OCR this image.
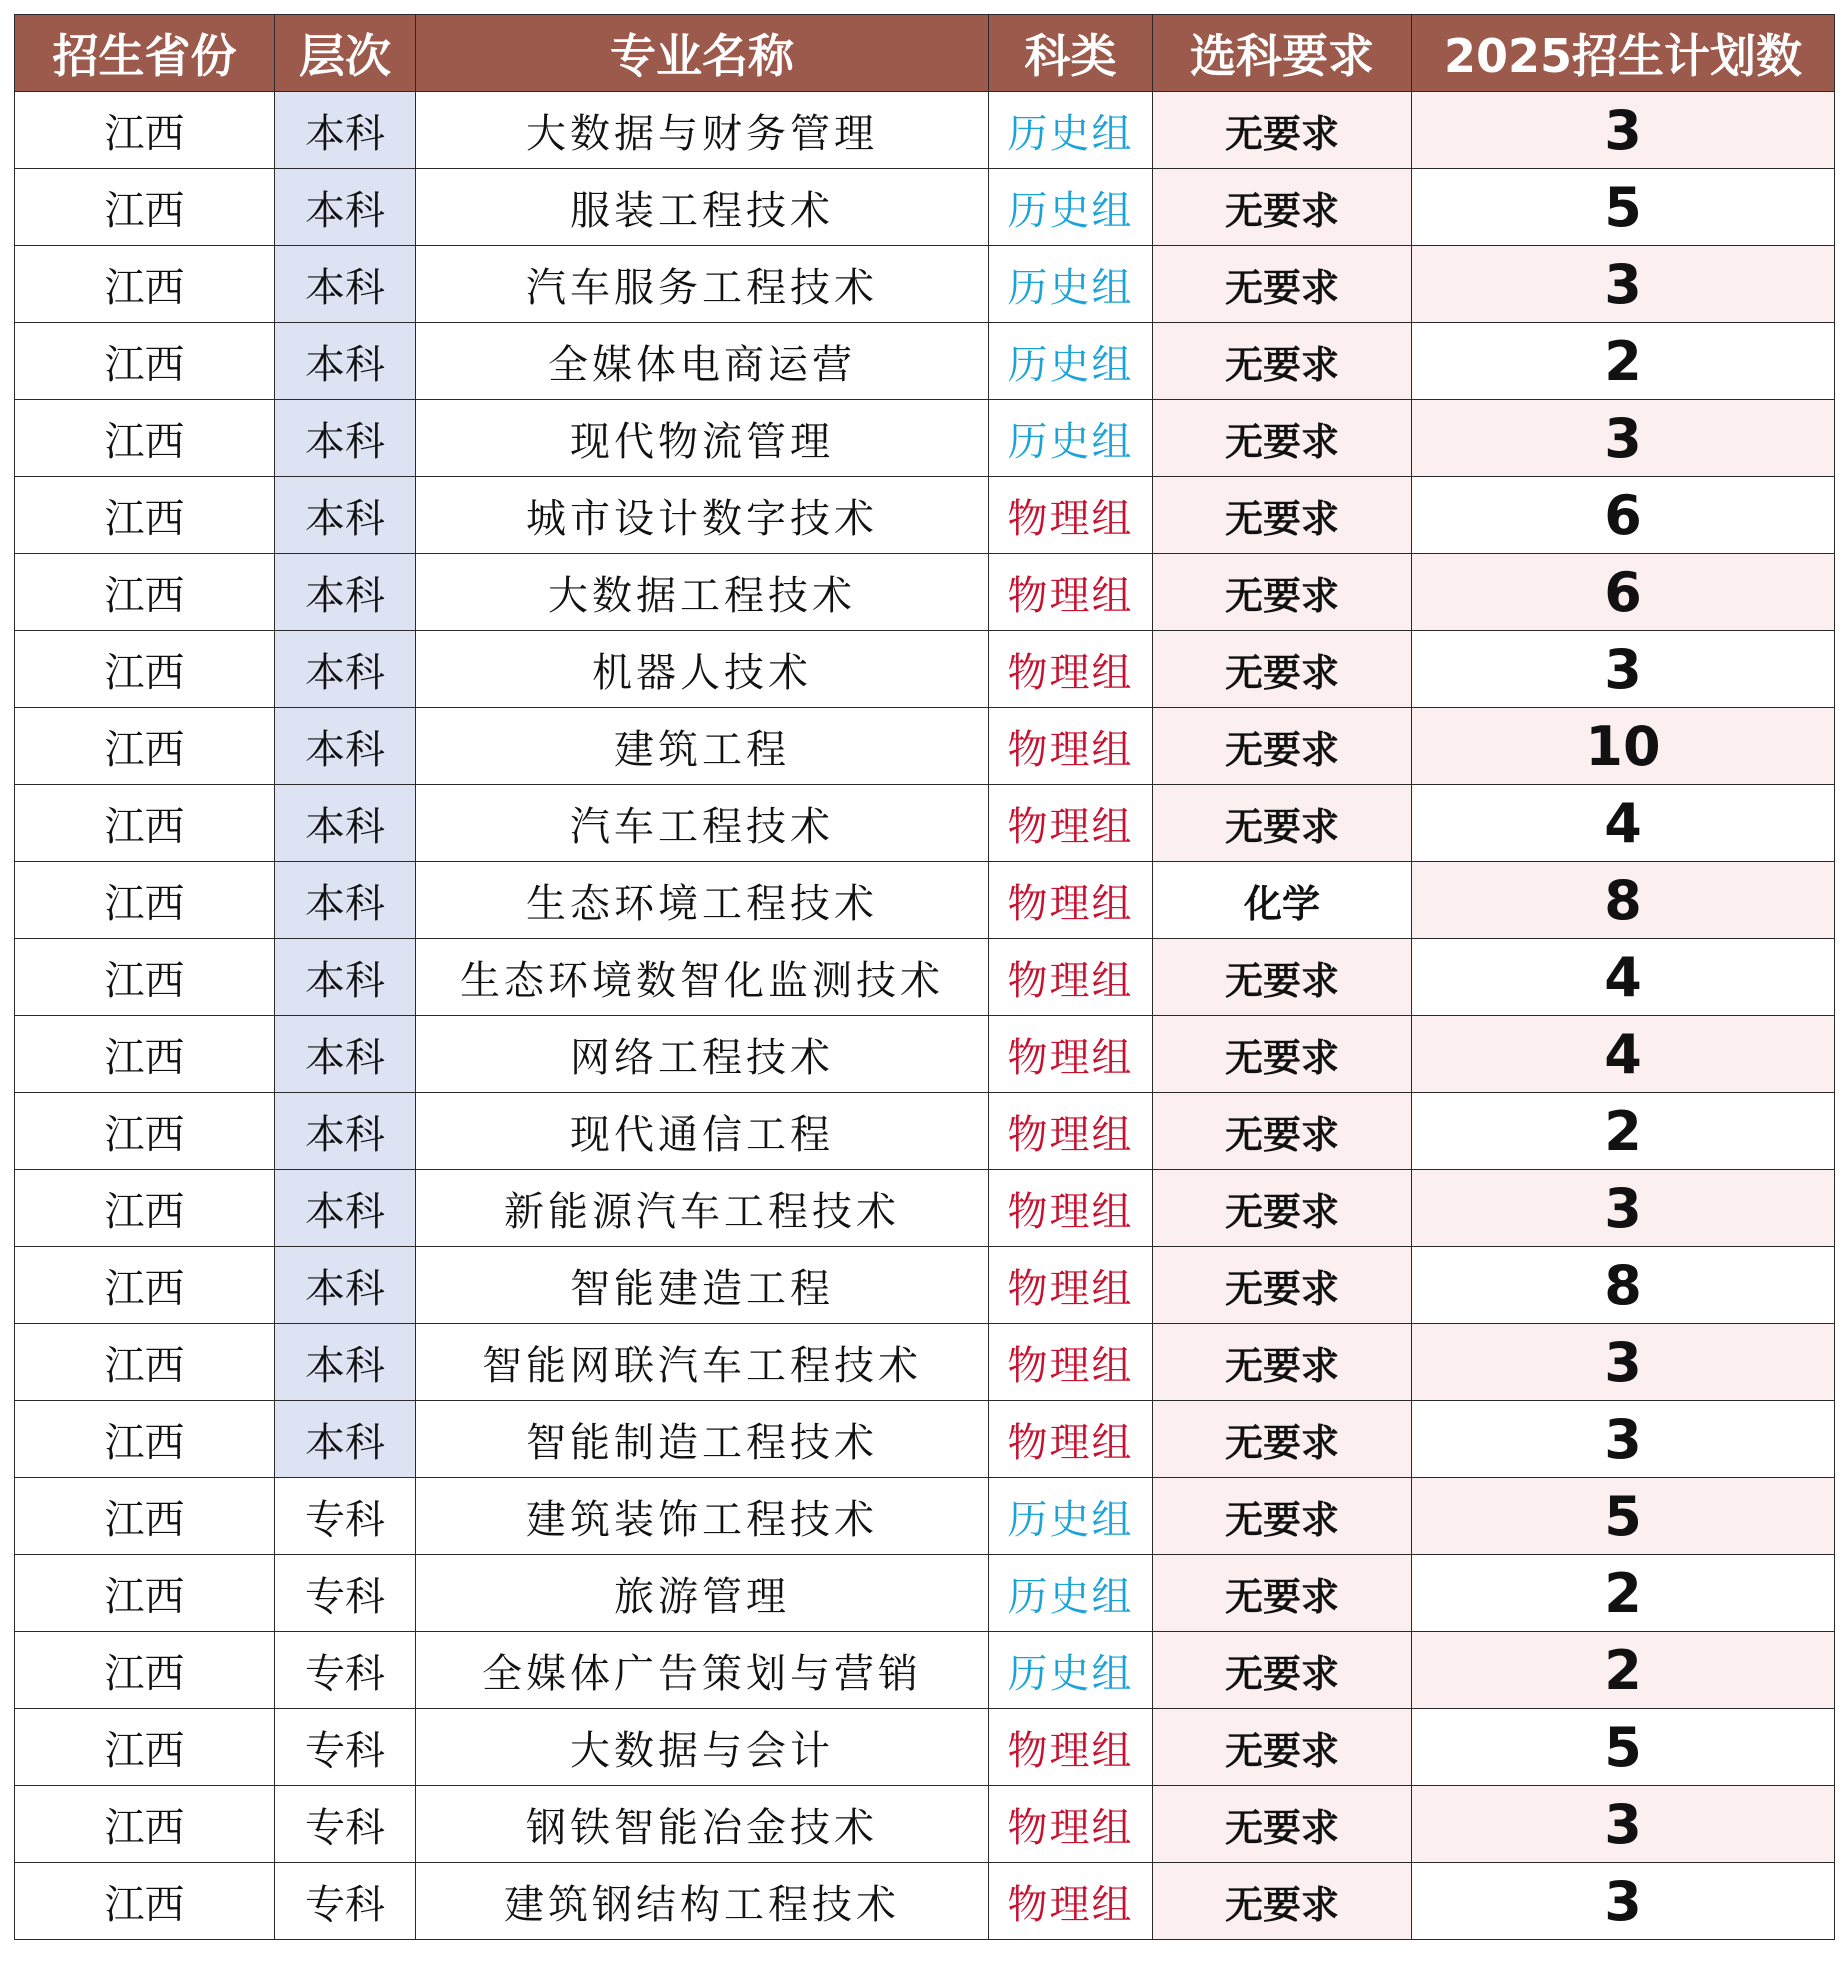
招生省份	层次	专业名称	科类	选科要求	2025招生计划数
江西	本科	大数据与财务管理	历史组	无要求	3
江西	本科	服装工程技术	历史组	无要求	5
江西	本科	汽车服务工程技术	历史组	无要求	3
江西	本科	全媒体电商运营	历史组	无要求	2
江西	本科	现代物流管理	历史组	无要求	3
江西	本科	城市设计数字技术	物理组	无要求	6
江西	本科	大数据工程技术	物理组	无要求	6
江西	本科	机器人技术	物理组	无要求	3
江西	本科	建筑工程	物理组	无要求	10
江西	本科	汽车工程技术	物理组	无要求	4
江西	本科	生态环境工程技术	物理组	化学	8
江西	本科	生态环境数智化监测技术	物理组	无要求	4
江西	本科	网络工程技术	物理组	无要求	4
江西	本科	现代通信工程	物理组	无要求	2
江西	本科	新能源汽车工程技术	物理组	无要求	3
江西	本科	智能建造工程	物理组	无要求	8
江西	本科	智能网联汽车工程技术	物理组	无要求	3
江西	本科	智能制造工程技术	物理组	无要求	3
江西	专科	建筑装饰工程技术	历史组	无要求	5
江西	专科	旅游管理	历史组	无要求	2
江西	专科	全媒体广告策划与营销	历史组	无要求	2
江西	专科	大数据与会计	物理组	无要求	5
江西	专科	钢铁智能冶金技术	物理组	无要求	3
江西	专科	建筑钢结构工程技术	物理组	无要求	3
